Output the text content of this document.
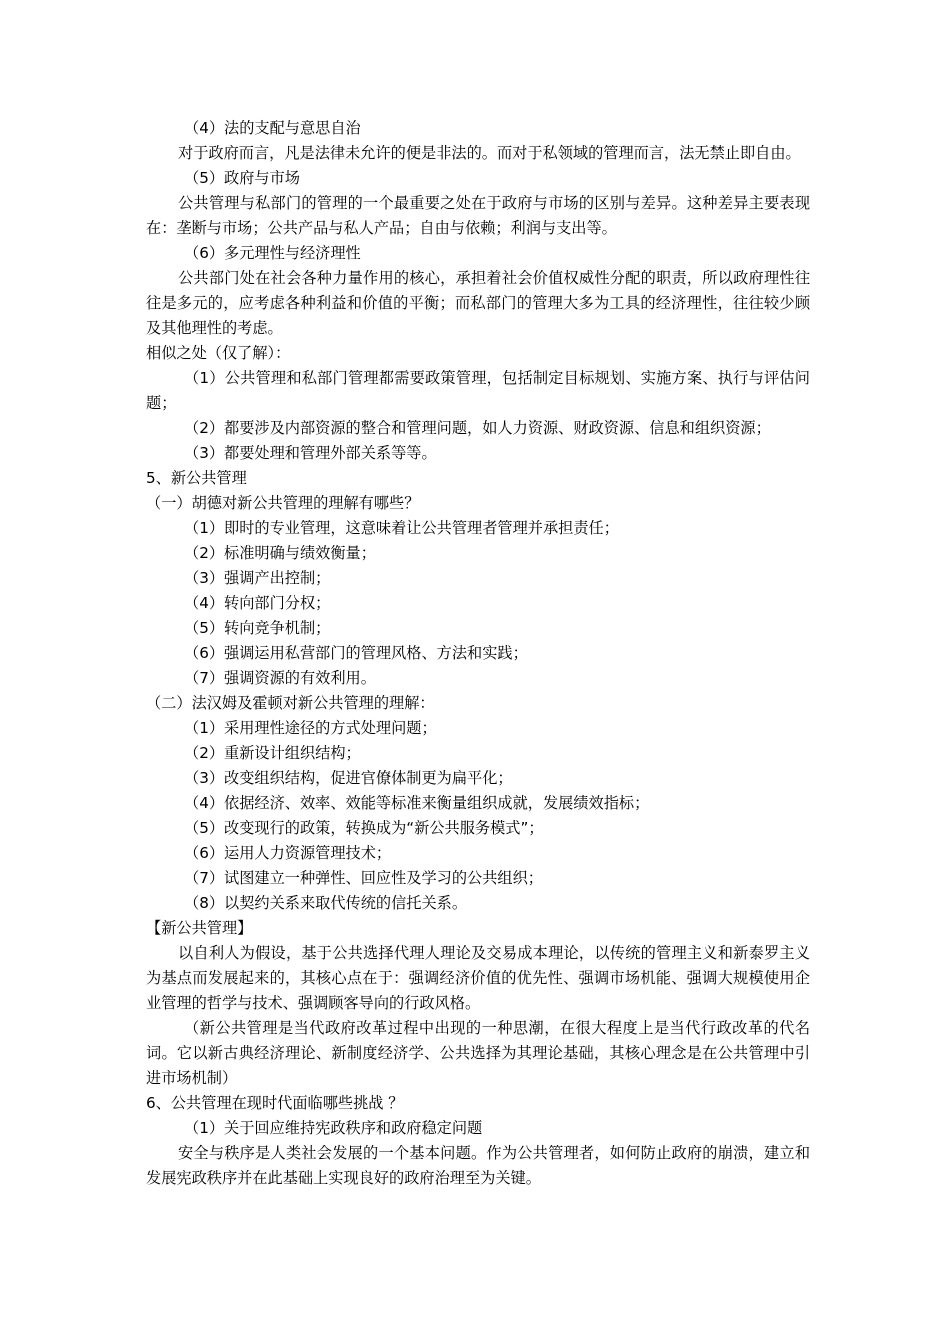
（4）法的支配与意思自治

对于政府而言，凡是法律未允许的便是非法的。而对于私领域的管理而言，法无禁止即自由。

（5）政府与市场

公共管理与私部门的管理的一个最重要之处在于政府与市场的区别与差异。这种差异主要表现在：垄断与市场；公共产品与私人产品；自由与依赖；利润与支出等。

（6）多元理性与经济理性

公共部门处在社会各种力量作用的核心，承担着社会价值权威性分配的职责，所以政府理性往往是多元的，应考虑各种利益和价值的平衡；而私部门的管理大多为工具的经济理性，往往较少顾及其他理性的考虑。

相似之处（仅了解）：

（1）公共管理和私部门管理都需要政策管理，包括制定目标规划、实施方案、执行与评估问题；

（2）都要涉及内部资源的整合和管理问题，如人力资源、财政资源、信息和组织资源；

（3）都要处理和管理外部关系等等。

5、新公共管理

（一）胡德对新公共管理的理解有哪些？

（1）即时的专业管理，这意味着让公共管理者管理并承担责任；

（2）标准明确与绩效衡量；

（3）强调产出控制；

（4）转向部门分权；

（5）转向竞争机制；

（6）强调运用私营部门的管理风格、方法和实践；

（7）强调资源的有效利用。

（二）法汉姆及霍顿对新公共管理的理解：

（1）采用理性途径的方式处理问题；

（2）重新设计组织结构；

（3）改变组织结构，促进官僚体制更为扁平化；

（4）依据经济、效率、效能等标准来衡量组织成就，发展绩效指标；

（5）改变现行的政策，转换成为“新公共服务模式”；

（6）运用人力资源管理技术；

（7）试图建立一种弹性、回应性及学习的公共组织；

（8）以契约关系来取代传统的信托关系。

【新公共管理】

以自利人为假设，基于公共选择代理人理论及交易成本理论，以传统的管理主义和新泰罗主义为基点而发展起来的，其核心点在于：强调经济价值的优先性、强调市场机能、强调大规模使用企业管理的哲学与技术、强调顾客导向的行政风格。

（新公共管理是当代政府改革过程中出现的一种思潮，在很大程度上是当代行政改革的代名词。它以新古典经济理论、新制度经济学、公共选择为其理论基础，其核心理念是在公共管理中引进市场机制）

6、公共管理在现时代面临哪些挑战 ？

（1）关于回应维持宪政秩序和政府稳定问题

安全与秩序是人类社会发展的一个基本问题。作为公共管理者，如何防止政府的崩溃，建立和发展宪政秩序并在此基础上实现良好的政府治理至为关键。
